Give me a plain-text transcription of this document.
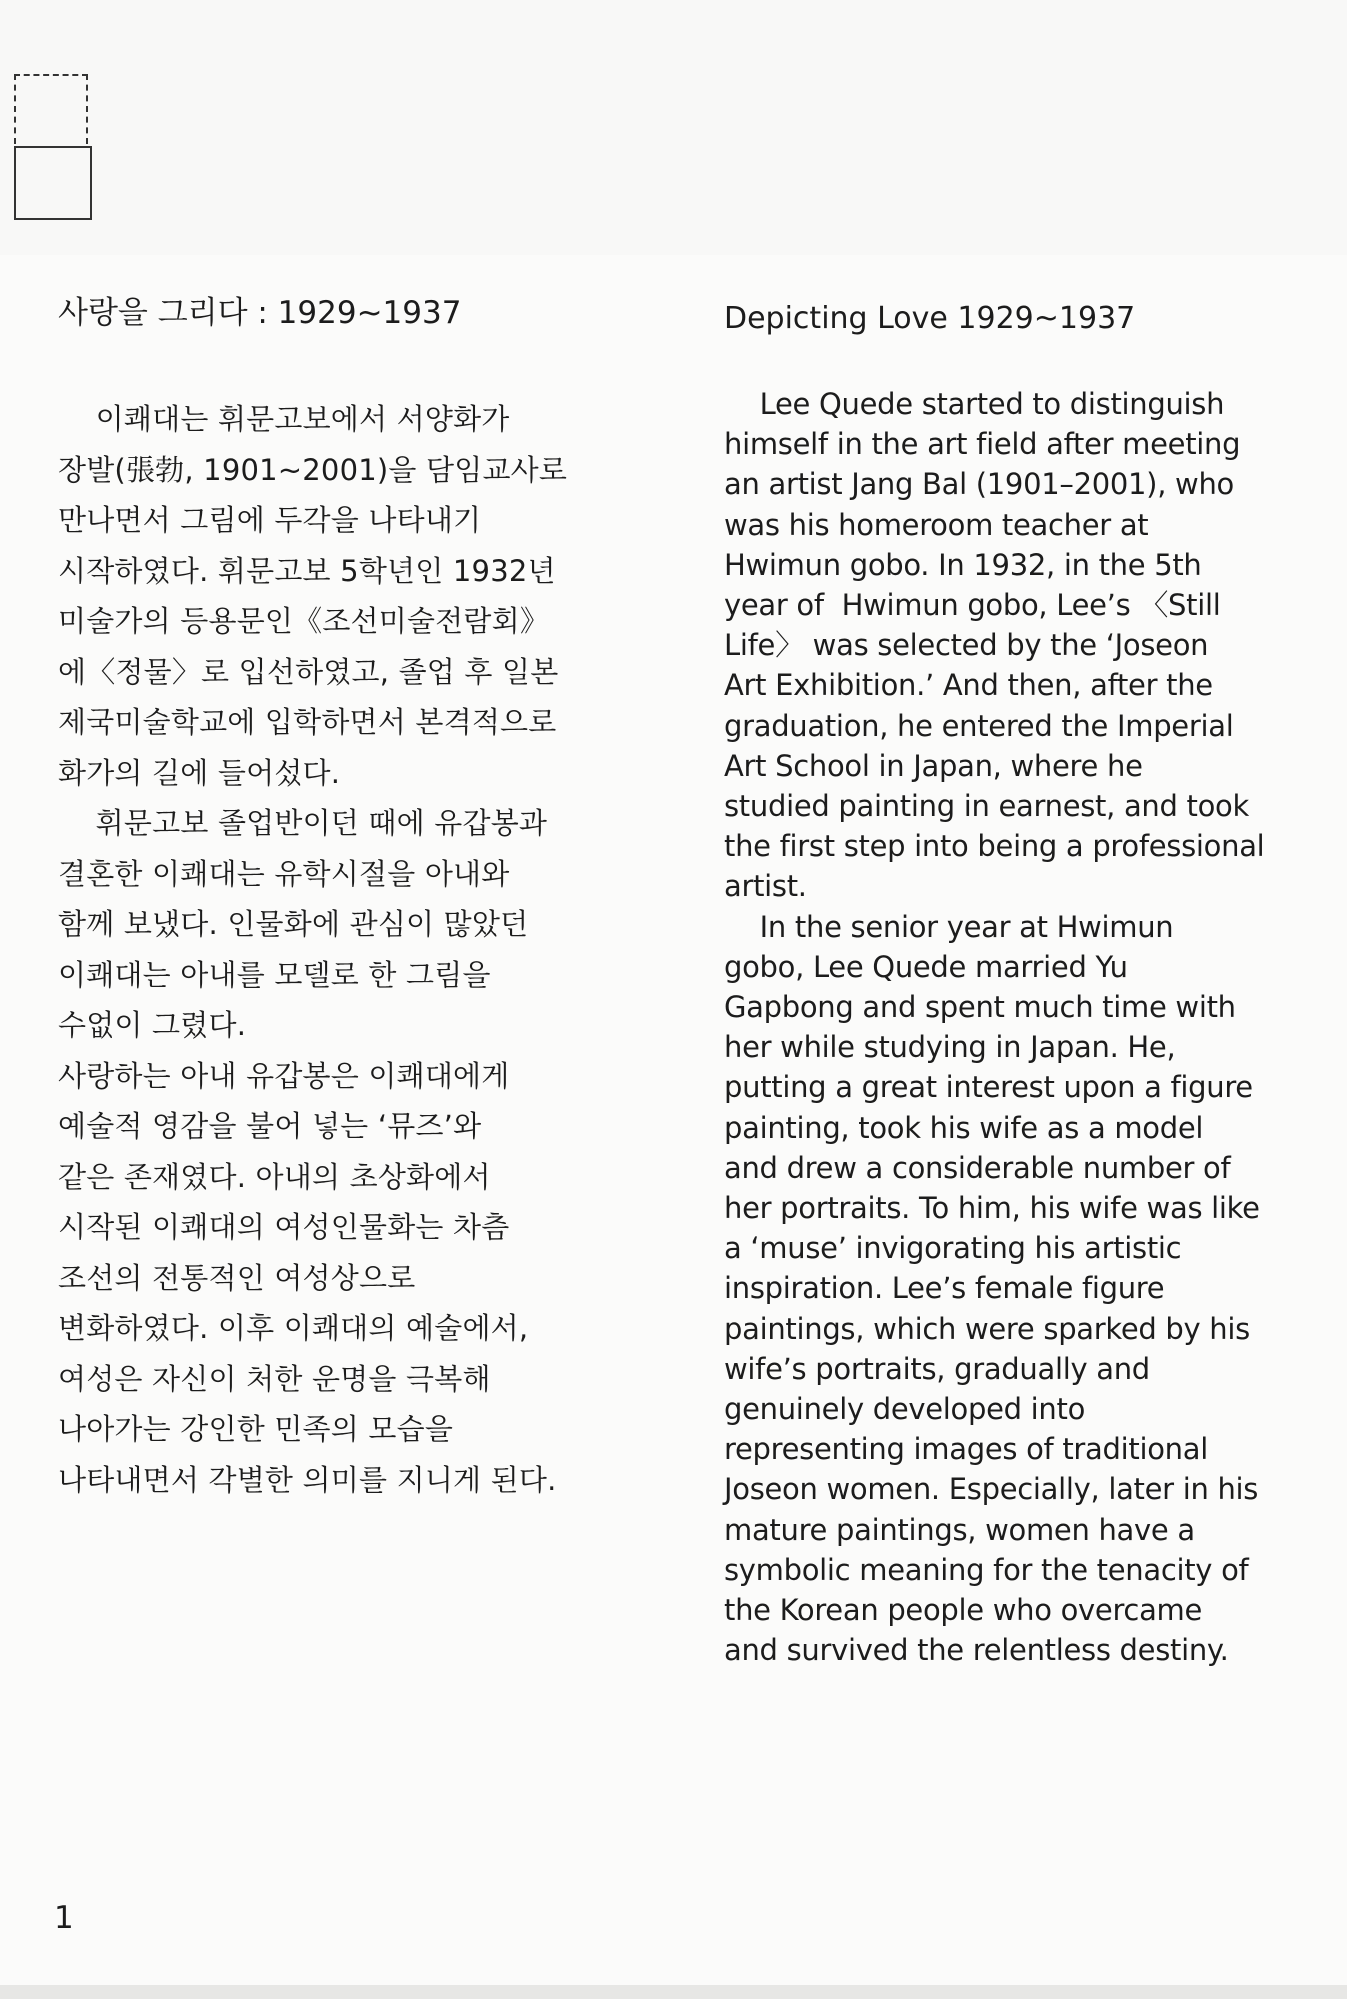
사랑을 그리다 : 1929~1937
이쾌대는 휘문고보에서 서양화가
장발(張勃, 1901~2001)을 담임교사로
만나면서 그림에 두각을 나타내기
시작하였다. 휘문고보 5학년인 1932년
미술가의 등용문인《조선미술전람회》
에〈정물〉로 입선하였고, 졸업 후 일본
제국미술학교에 입학하면서 본격적으로
화가의 길에 들어섰다.
휘문고보 졸업반이던 때에 유갑봉과
결혼한 이쾌대는 유학시절을 아내와
함께 보냈다. 인물화에 관심이 많았던
이쾌대는 아내를 모델로 한 그림을
수없이 그렸다.
사랑하는 아내 유갑봉은 이쾌대에게
예술적 영감을 불어 넣는 ‘뮤즈’와
같은 존재였다. 아내의 초상화에서
시작된 이쾌대의 여성인물화는 차츰
조선의 전통적인 여성상으로
변화하였다. 이후 이쾌대의 예술에서,
여성은 자신이 처한 운명을 극복해
나아가는 강인한 민족의 모습을
나타내면서 각별한 의미를 지니게 된다.
Depicting Love 1929~1937
Lee Quede started to distinguish
himself in the art field after meeting
an artist Jang Bal (1901–2001), who
was his homeroom teacher at
Hwimun gobo. In 1932, in the 5th
year of  Hwimun gobo, Lee’s 〈Still
Life〉 was selected by the ‘Joseon
Art Exhibition.’ And then, after the
graduation, he entered the Imperial
Art School in Japan, where he
studied painting in earnest, and took
the first step into being a professional
artist.
In the senior year at Hwimun
gobo, Lee Quede married Yu
Gapbong and spent much time with
her while studying in Japan. He,
putting a great interest upon a figure
painting, took his wife as a model
and drew a considerable number of
her portraits. To him, his wife was like
a ‘muse’ invigorating his artistic
inspiration. Lee’s female figure
paintings, which were sparked by his
wife’s portraits, gradually and
genuinely developed into
representing images of traditional
Joseon women. Especially, later in his
mature paintings, women have a
symbolic meaning for the tenacity of
the Korean people who overcame
and survived the relentless destiny.
1
